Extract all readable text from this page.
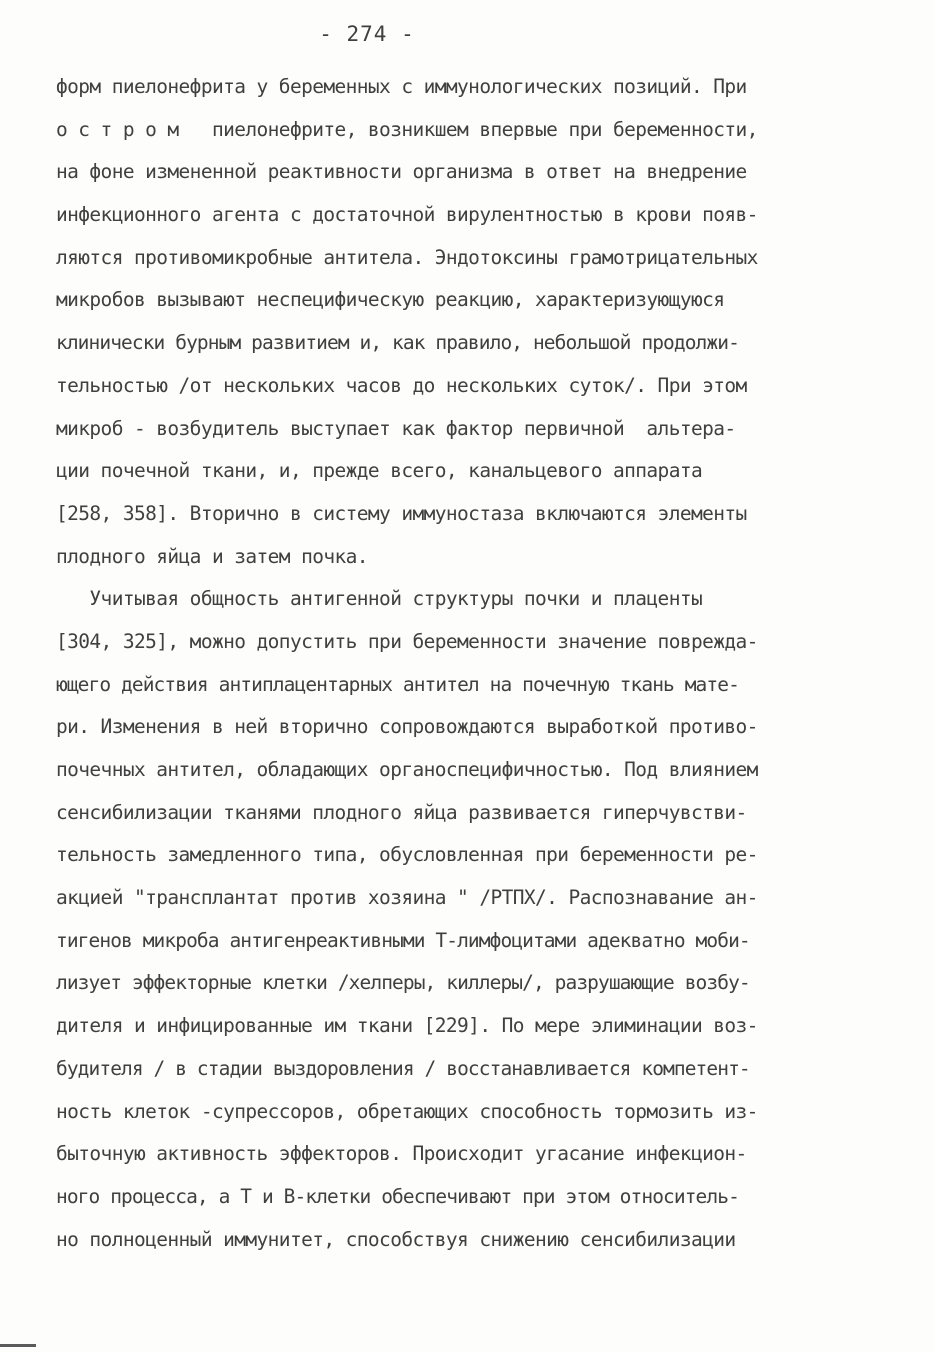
- 274 -
форм пиелонефрита у беременных с иммунологических позиций. При
о с т р о м   пиелонефрите, возникшем впервые при беременности,
на фоне измененной реактивности организма в ответ на внедрение
инфекционного агента с достаточной вирулентностью в крови появ-
ляются противомикробные антитела. Эндотоксины грамотрицательных
микробов вызывают неспецифическую реакцию, характеризующуюся
клинически бурным развитием и, как правило, небольшой продолжи-
тельностью /от нескольких часов до нескольких суток/. При этом
микроб - возбудитель выступает как фактор первичной  альтера-
ции почечной ткани, и, прежде всего, канальцевого аппарата
[258, 358]. Вторично в систему иммуностаза включаются элементы
плодного яйца и затем почка.
Учитывая общность антигенной структуры почки и плаценты
[304, 325], можно допустить при беременности значение повреждa-
ющего действия антиплацентарных антител на почечную ткань мате-
ри. Изменения в ней вторично сопровождаются выработкой противо-
почечных антител, обладающих органоспецифичностью. Под влиянием
сенсибилизации тканями плодного яйца развивается гиперчувстви-
тельность замедленного типа, обусловленная при беременности ре-
акцией "трансплантат против хозяина " /РТПХ/. Распознавание ан-
тигенов микроба антигенреактивными Т-лимфоцитами адекватно моби-
лизует эффекторные клетки /хелперы, киллеры/, разрушающие возбу-
дителя и инфицированные им ткани [229]. По мере элиминации воз-
будителя / в стадии выздоровления / восстанавливается компетент-
ность клеток -супрессоров, обретающих способность тормозить из-
быточную активность эффекторов. Происходит угасание инфекцион-
ного процесса, а Т и В-клетки обеспечивают при этом относитель-
но полноценный иммунитет, способствуя снижению сенсибилизации
